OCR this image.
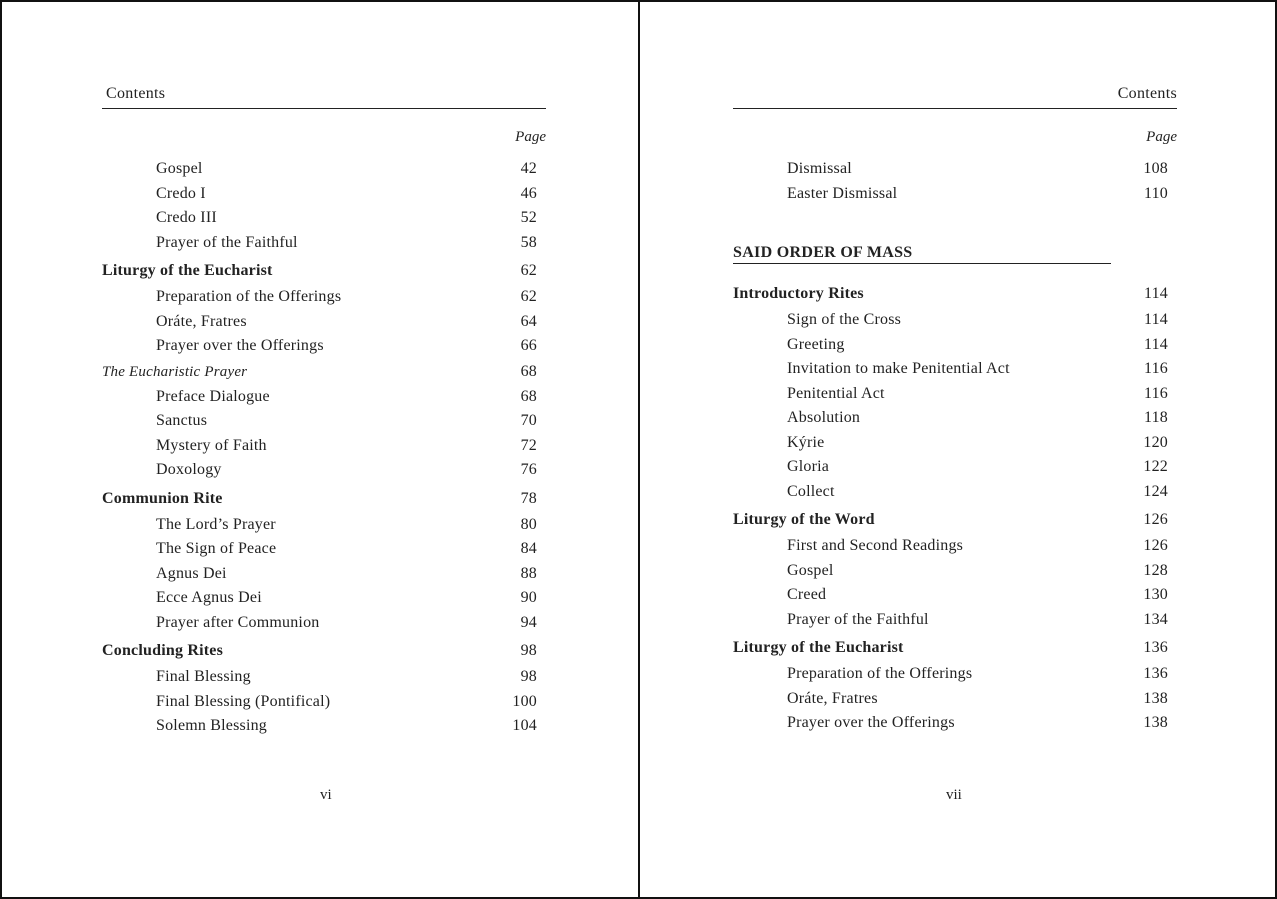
Contents
Page
Gospel	42
Credo I	46
Credo III	52
Prayer of the Faithful	58
Liturgy of the Eucharist	62
Preparation of the Offerings	62
Oráte, Fratres	64
Prayer over the Offerings	66
The Eucharistic Prayer	68
Preface Dialogue	68
Sanctus	70
Mystery of Faith	72
Doxology	76
Communion Rite	78
The Lord’s Prayer	80
The Sign of Peace	84
Agnus Dei	88
Ecce Agnus Dei	90
Prayer after Communion	94
Concluding Rites	98
Final Blessing	98
Final Blessing (Pontifical)	100
Solemn Blessing	104
vi
Contents
Page
Dismissal	108
Easter Dismissal	110
SAID ORDER OF MASS
Introductory Rites	114
Sign of the Cross	114
Greeting	114
Invitation to make Penitential Act	116
Penitential Act	116
Absolution	118
Kýrie	120
Gloria	122
Collect	124
Liturgy of the Word	126
First and Second Readings	126
Gospel	128
Creed	130
Prayer of the Faithful	134
Liturgy of the Eucharist	136
Preparation of the Offerings	136
Oráte, Fratres	138
Prayer over the Offerings	138
vii
